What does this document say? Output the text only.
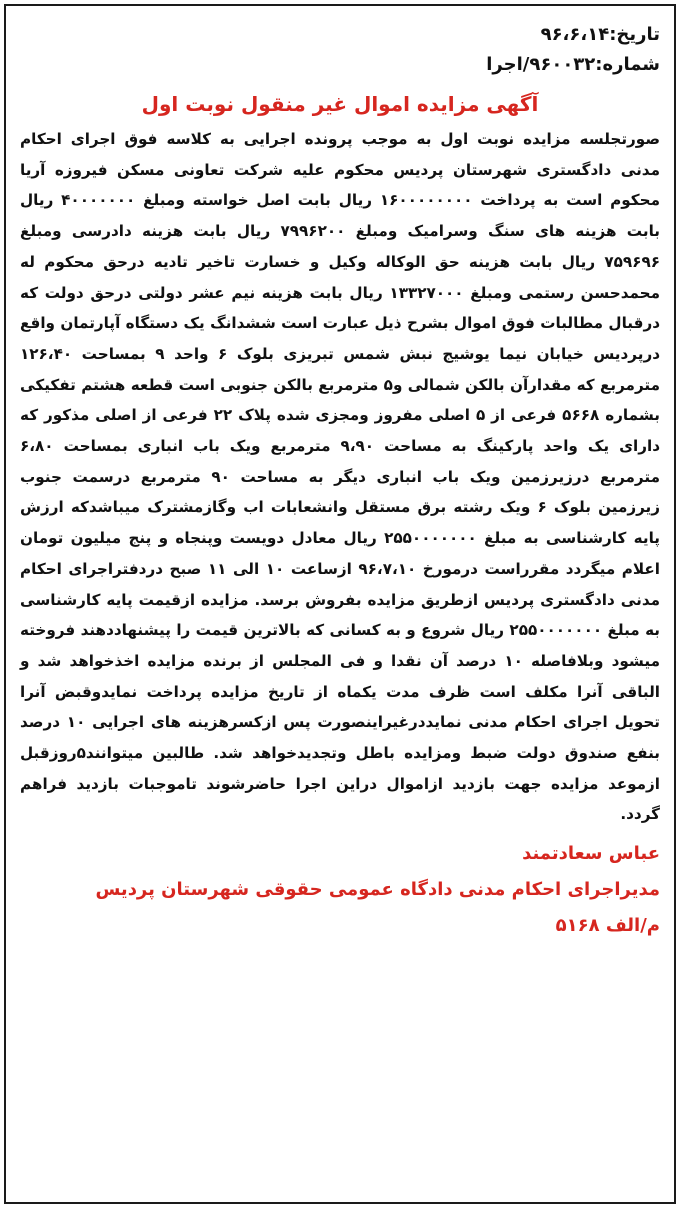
تاریخ:۹۶،۶،۱۴
شماره:۹۶۰۰۳۲/اجرا
آگهی مزایده اموال غیر منقول نوبت اول

صورتجلسه مزایده نوبت اول به موجب پرونده اجرایی به کلاسه فوق اجرای احکام مدنی دادگستری شهرستان پردیس محکوم علیه شرکت تعاونی مسکن فیروزه آریا محکوم است به پرداخت ۱۶۰۰۰۰۰۰۰۰ ریال بابت اصل خواسته ومبلغ ۴۰۰۰۰۰۰۰ ریال بابت هزینه های سنگ وسرامیک ومبلغ ۷۹۹۶۲۰۰ ریال بابت هزینه دادرسی ومبلغ ۷۵۹۶۹۶ ریال بابت هزینه حق الوکاله وکیل و خسارت تاخیر تادیه درحق محکوم له محمدحسن رستمی ومبلغ ۱۳۳۲۷۰۰۰ ریال بابت هزینه نیم عشر دولتی درحق دولت که درقبال مطالبات فوق اموال بشرح ذیل عبارت است ششدانگ یک دستگاه آپارتمان واقع درپردیس خیابان نیما یوشیج نبش شمس تبریزی بلوک ۶ واحد ۹ بمساحت ۱۲۶،۴۰ مترمربع که مقدارآن بالکن شمالی و۵ مترمربع بالکن جنوبی است قطعه هشتم تفکیکی بشماره ۵۶۶۸ فرعی از ۵ اصلی مفروز ومجزی شده پلاک ۲۲ فرعی از اصلی مذکور که دارای یک واحد پارکینگ به مساحت ۹،۹۰ مترمربع ویک باب انباری بمساحت ۶،۸۰ مترمربع درزیرزمین ویک باب انباری دیگر به مساحت ۹۰ مترمربع درسمت جنوب زیرزمین بلوک ۶ ویک رشته برق مستقل وانشعابات اب وگازمشترک میباشدکه ارزش پایه کارشناسی به مبلغ ۲۵۵۰۰۰۰۰۰۰ ریال معادل دویست وپنجاه و پنج میلیون تومان اعلام میگردد مقرراست درمورخ ۹۶،۷،۱۰ ازساعت ۱۰ الی ۱۱ صبح دردفتراجرای احکام مدنی دادگستری پردیس ازطریق مزایده بفروش برسد. مزایده ازقیمت پایه کارشناسی به مبلغ ۲۵۵۰۰۰۰۰۰۰ ریال شروع و به کسانی که بالاترین قیمت را پیشنهاددهند فروخته میشود وبلافاصله ۱۰ درصد آن نقدا و فی المجلس از برنده مزایده اخذخواهد شد و الباقی آنرا مکلف است ظرف مدت یکماه از تاریخ مزایده پرداخت نمایدوقبض آنرا تحویل اجرای احکام مدنی نمایددرغیراینصورت پس ازکسرهزینه های اجرایی ۱۰ درصد بنفع صندوق دولت ضبط ومزایده باطل وتجدیدخواهد شد. طالبین میتوانند۵روزقبل ازموعد مزایده جهت بازدید ازاموال دراین اجرا حاضرشوند تاموجبات بازدید فراهم گردد.

عباس سعادتمند
مدیراجرای احکام مدنی دادگاه عمومی حقوقی شهرستان پردیس
م/الف ۵۱۶۸
